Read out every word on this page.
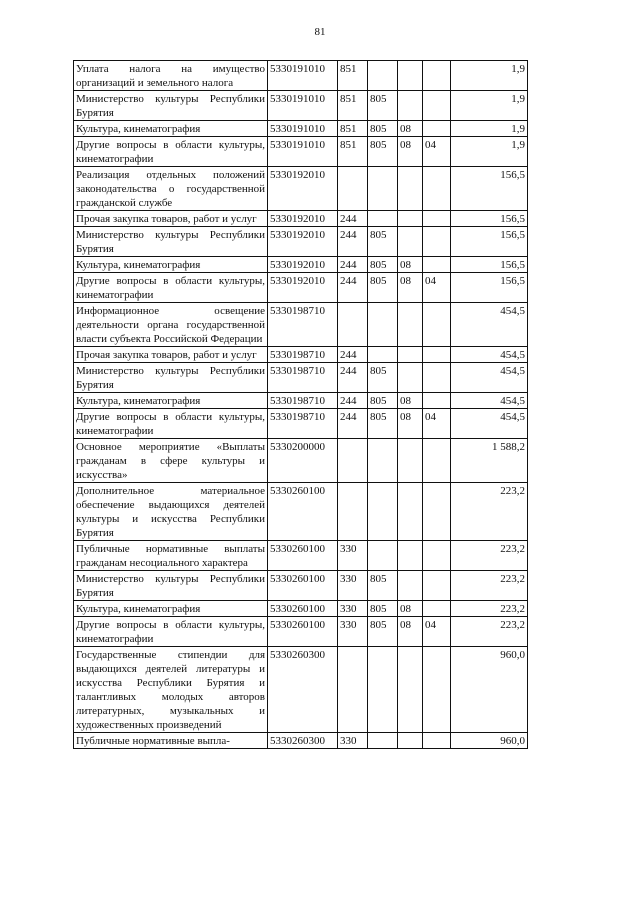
81
Уплата налога на имущество организаций и земельного налога	5330191010	851				1,9
Министерство культуры Республики Бурятия	5330191010	851	805			1,9
Культура, кинематография	5330191010	851	805	08		1,9
Другие вопросы в области культуры, кинематографии	5330191010	851	805	08	04	1,9
Реализация отдельных положений законодательства о государственной гражданской службе	5330192010					156,5
Прочая закупка товаров, работ и услуг	5330192010	244				156,5
Министерство культуры Республики Бурятия	5330192010	244	805			156,5
Культура, кинематография	5330192010	244	805	08		156,5
Другие вопросы в области культуры, кинематографии	5330192010	244	805	08	04	156,5
Информационное освещение деятельности органа государственной власти субъекта Российской Федерации	5330198710					454,5
Прочая закупка товаров, работ и услуг	5330198710	244				454,5
Министерство культуры Республики Бурятия	5330198710	244	805			454,5
Культура, кинематография	5330198710	244	805	08		454,5
Другие вопросы в области культуры, кинематографии	5330198710	244	805	08	04	454,5
Основное мероприятие «Выплаты гражданам в сфере культуры и искусства»	5330200000					1 588,2
Дополнительное материальное обеспечение выдающихся деятелей культуры и искусства Республики Бурятия	5330260100					223,2
Публичные нормативные выплаты гражданам несоциального характера	5330260100	330				223,2
Министерство культуры Республики Бурятия	5330260100	330	805			223,2
Культура, кинематография	5330260100	330	805	08		223,2
Другие вопросы в области культуры, кинематографии	5330260100	330	805	08	04	223,2
Государственные стипендии для выдающихся деятелей литературы и искусства Республики Бурятия и талантливых молодых авторов литературных, музыкальных и художественных произведений	5330260300					960,0
Публичные нормативные выпла-	5330260300	330				960,0
